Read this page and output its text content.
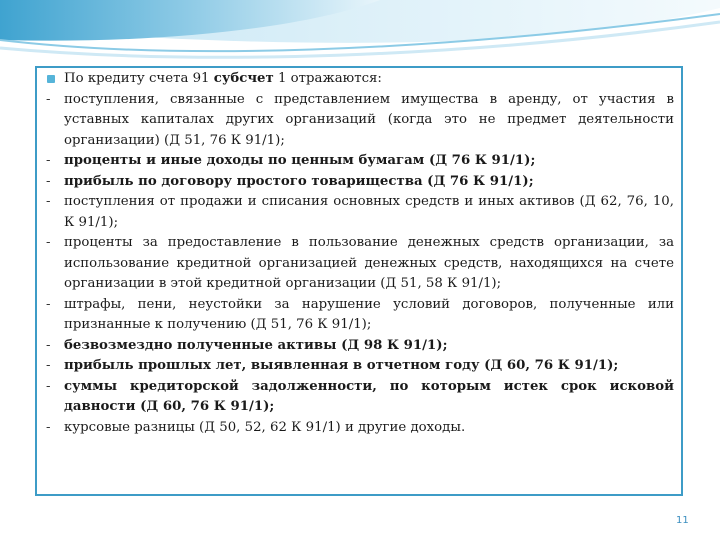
По кредиту счета 91 субсчет 1 отражаются:
- поступления, связанные с представлением имущества в аренду, от участия в уставных капиталах других организаций (когда это не предмет деятельности организации) (Д 51, 76 К 91/1);
- проценты и иные доходы по ценным бумагам (Д 76 К 91/1);
- прибыль по договору простого товарищества (Д 76 К 91/1);
- поступления от продажи и списания основных средств и иных активов (Д 62, 76, 10, К 91/1);
- проценты за предоставление в пользование денежных средств организации, за использование кредитной организацией денежных средств, находящихся на счете организации в этой кредитной организации (Д 51, 58 К 91/1);
- штрафы, пени, неустойки за нарушение условий договоров, полученные или признанные к получению (Д 51, 76 К 91/1);
- безвозмездно полученные активы (Д 98 К 91/1);
- прибыль прошлых лет, выявленная в отчетном году (Д 60, 76 К 91/1);
- суммы кредиторской задолженности, по которым истек срок исковой давности (Д 60, 76 К 91/1);
- курсовые разницы (Д 50, 52, 62 К 91/1) и другие доходы.
11
